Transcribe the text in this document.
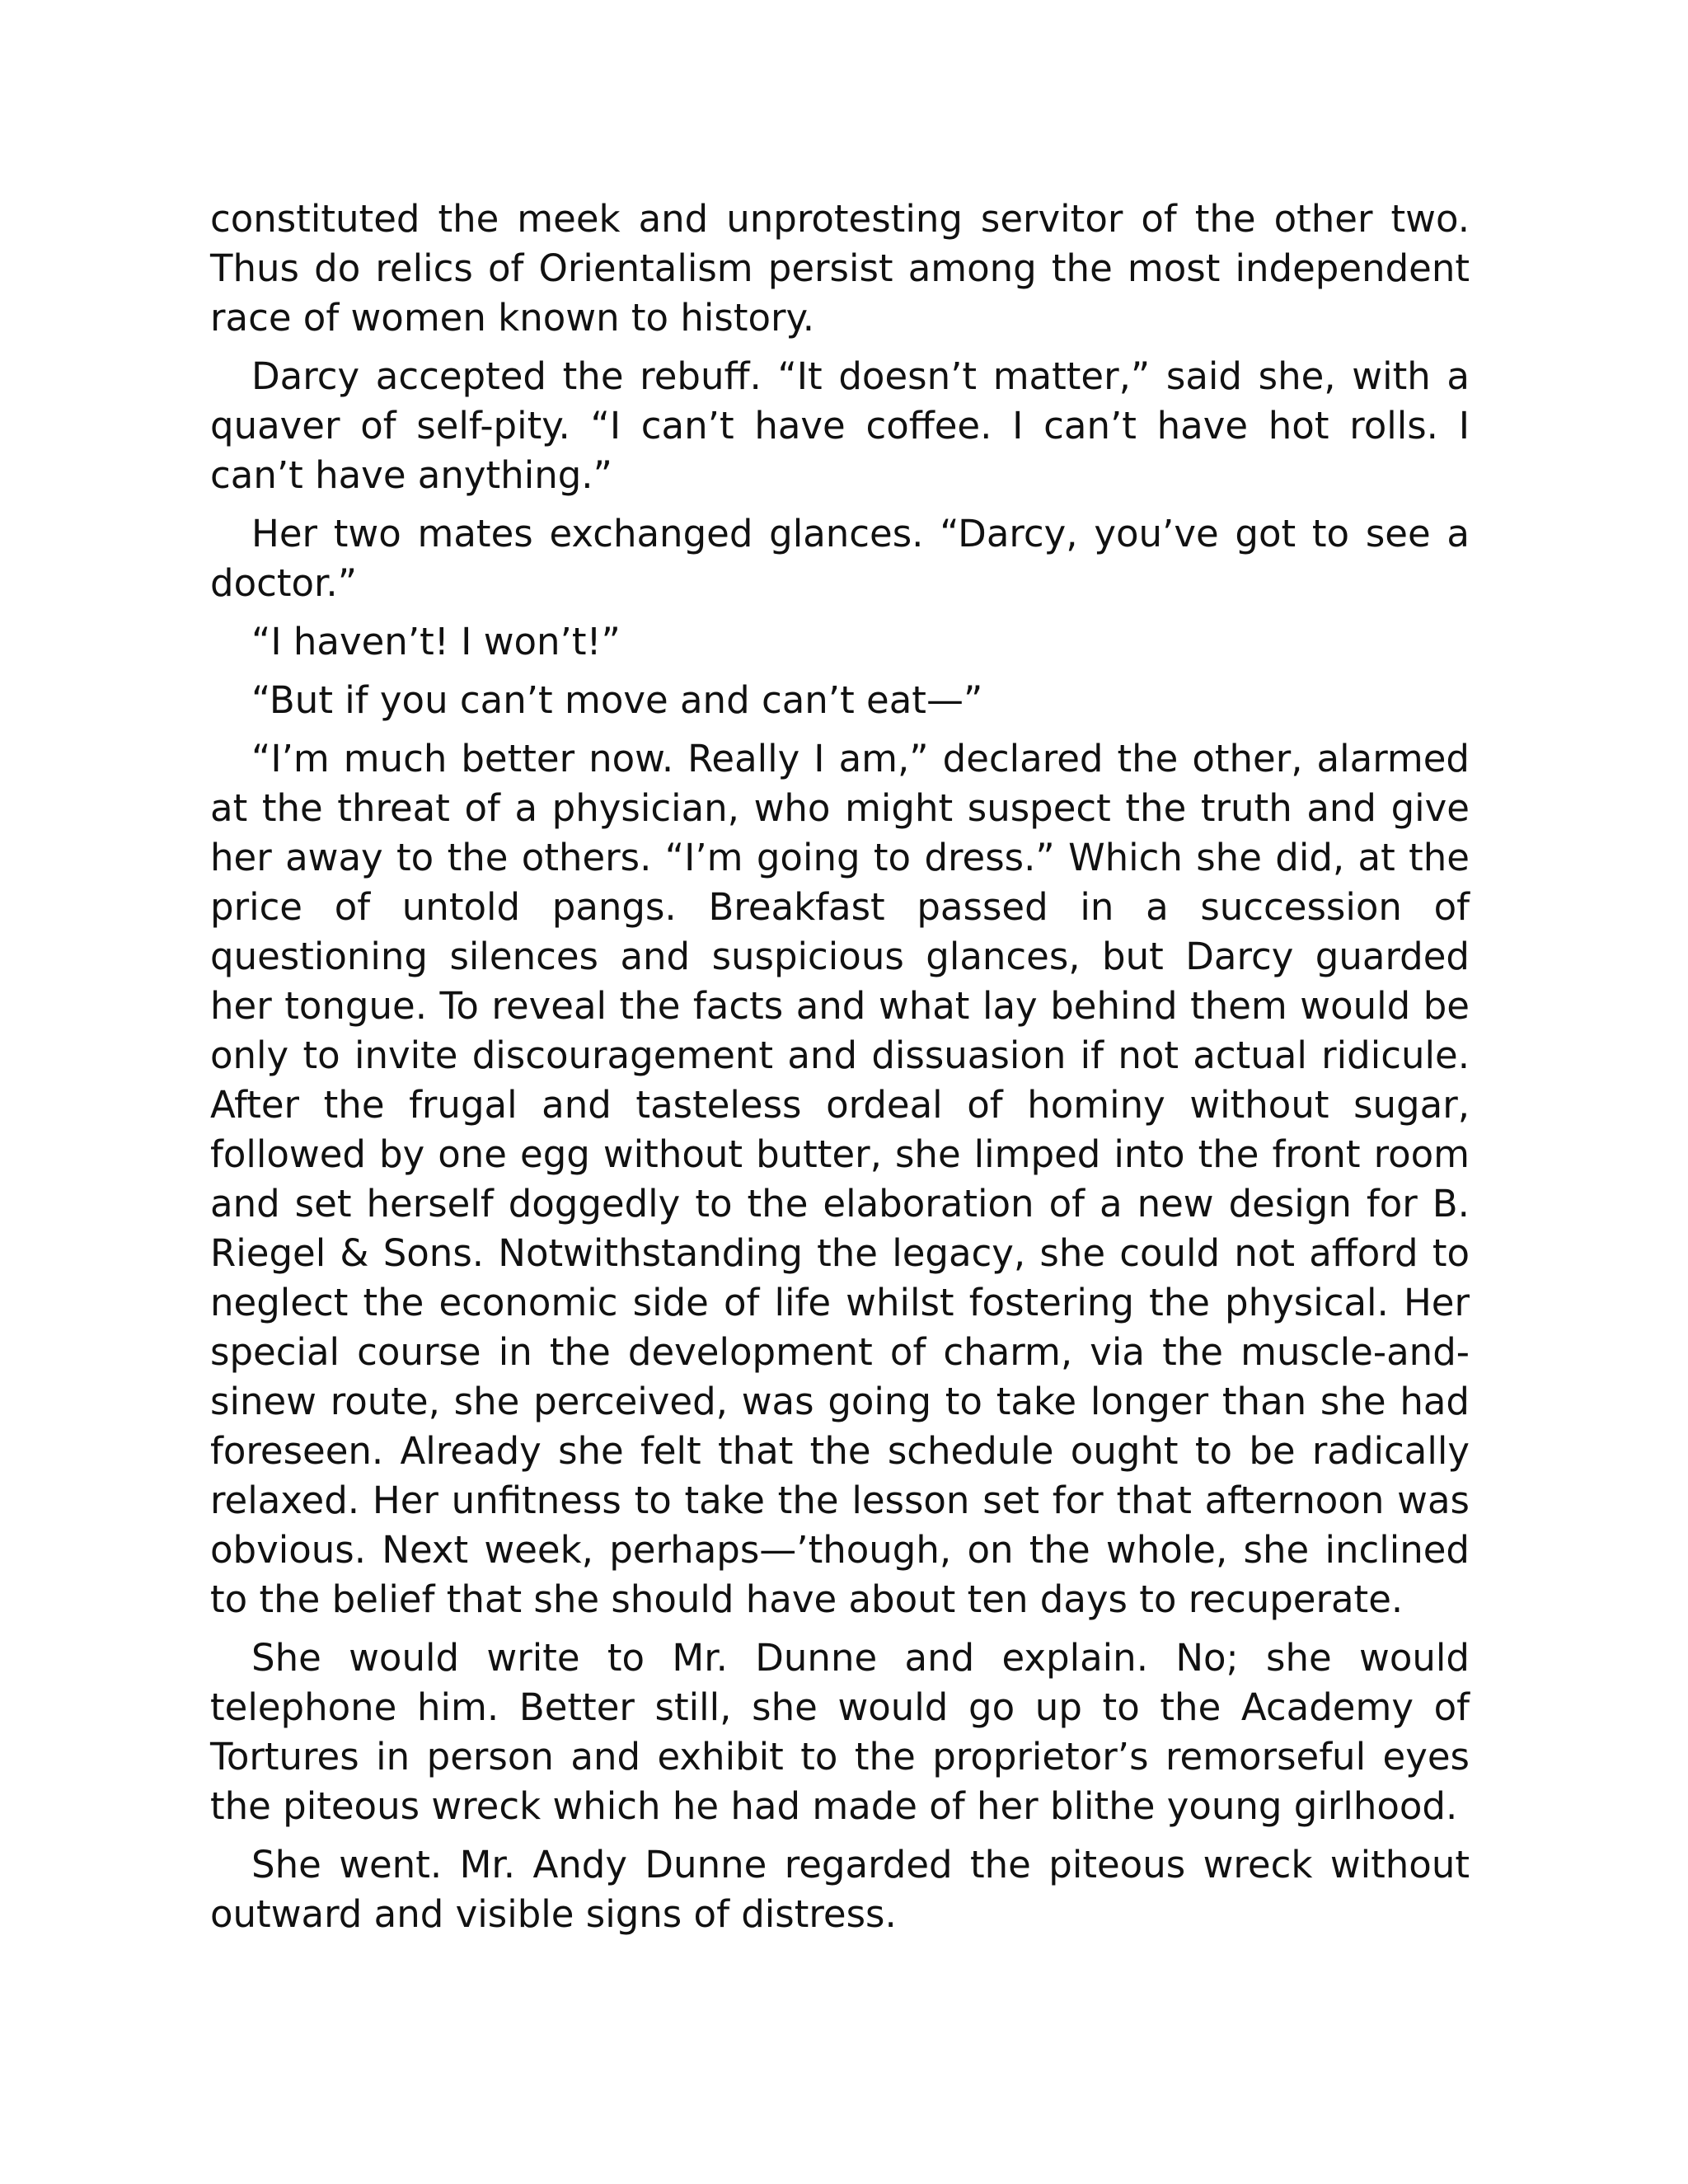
constituted the meek and unprotesting servitor of the other two. Thus do relics of Orientalism persist among the most independent race of women known to history.

Darcy accepted the rebuff. “It doesn’t matter,” said she, with a quaver of self-pity. “I can’t have coffee. I can’t have hot rolls. I can’t have anything.”

Her two mates exchanged glances. “Darcy, you’ve got to see a doctor.”

“I haven’t! I won’t!”

“But if you can’t move and can’t eat—”

“I’m much better now. Really I am,” declared the other, alarmed at the threat of a physician, who might suspect the truth and give her away to the others. “I’m going to dress.” Which she did, at the price of untold pangs. Breakfast passed in a succession of questioning silences and suspicious glances, but Darcy guarded her tongue. To reveal the facts and what lay behind them would be only to invite discouragement and dissuasion if not actual ridicule. After the frugal and tasteless ordeal of hominy without sugar, followed by one egg without butter, she limped into the front room and set herself doggedly to the elaboration of a new design for B. Riegel & Sons. Notwithstanding the legacy, she could not afford to neglect the economic side of life whilst fostering the physical. Her special course in the development of charm, via the muscle-and-sinew route, she perceived, was going to take longer than she had foreseen. Already she felt that the schedule ought to be radically relaxed. Her unfitness to take the lesson set for that afternoon was obvious. Next week, perhaps—’though, on the whole, she inclined to the belief that she should have about ten days to recuperate.

She would write to Mr. Dunne and explain. No; she would telephone him. Better still, she would go up to the Academy of Tortures in person and exhibit to the proprietor’s remorseful eyes the piteous wreck which he had made of her blithe young girlhood.

She went. Mr. Andy Dunne regarded the piteous wreck without outward and visible signs of distress.
